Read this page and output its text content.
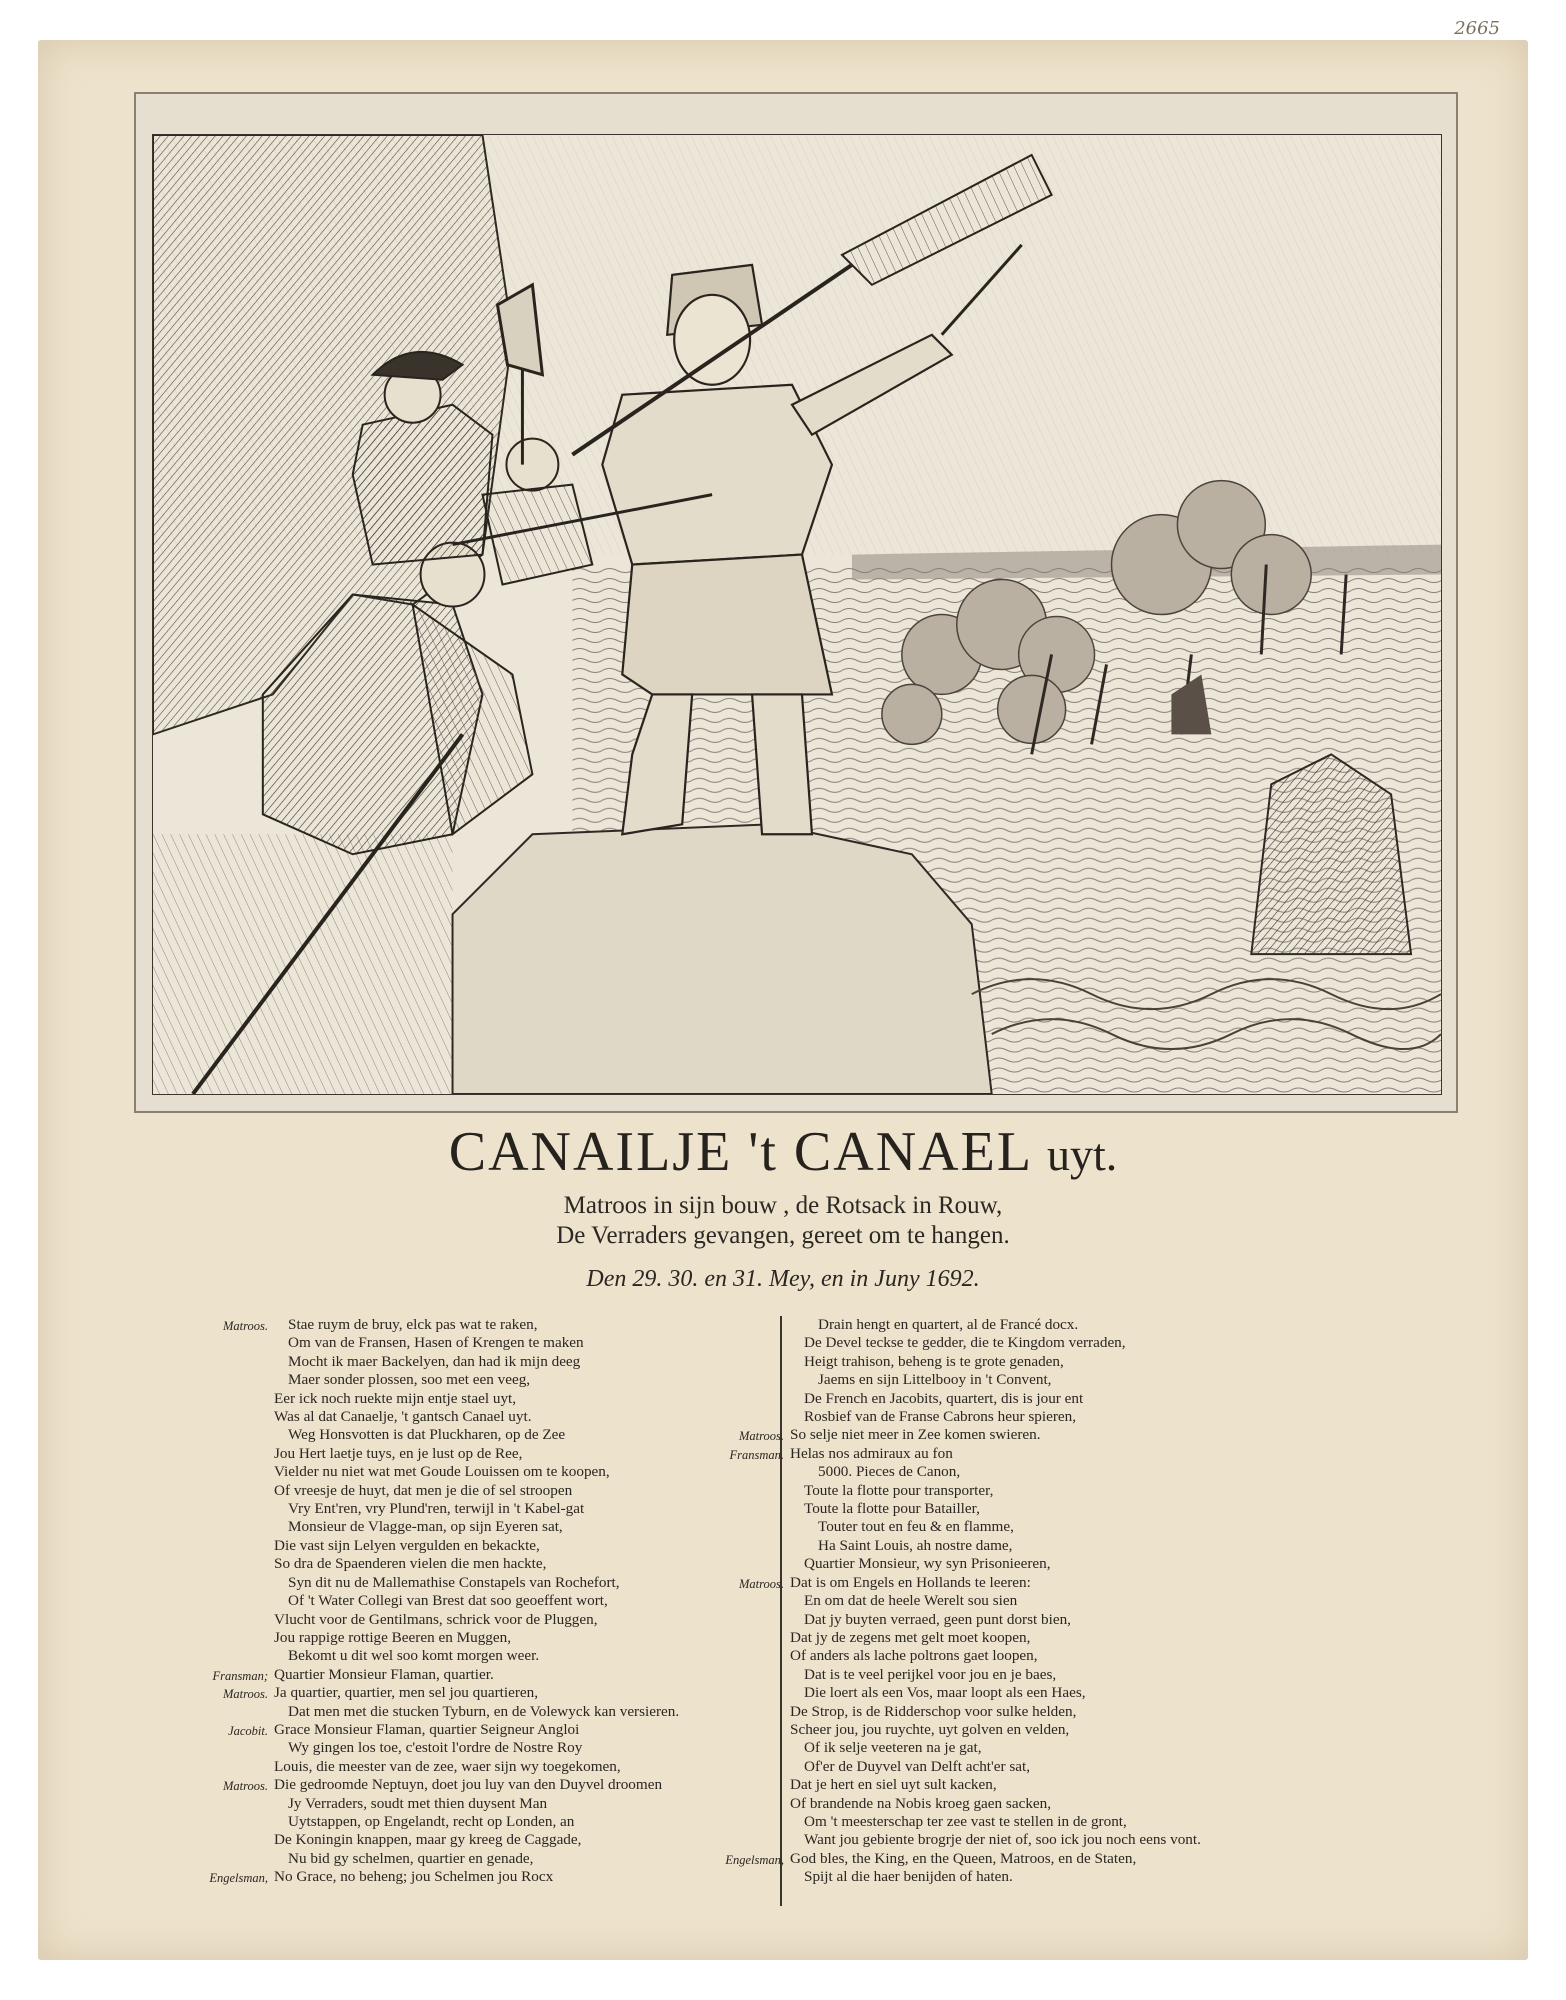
2665
CANAILJE 't CANAEL uyt.
Matroos in sijn bouw , de Rotsack in Rouw,
De Verraders gevangen, gereet om te hangen.
Den 29. 30. en 31. Mey, en in Juny 1692.
Matroos. Stae ruym de bruy, elck pas wat te raken,
Om van de Fransen, Hasen of Krengen te maken
Mocht ik maer Backelyen, dan had ik mijn deeg
Maer sonder plossen, soo met een veeg,
Eer ick noch ruekte mijn entje stael uyt,
Was al dat Canaelje, 't gantsch Canael uyt.
Weg Honsvotten is dat Pluckharen, op de Zee
Jou Hert laetje tuys, en je lust op de Ree,
Vielder nu niet wat met Goude Louissen om te koopen,
Of vreesje de huyt, dat men je die of sel stroopen
Vry Ent'ren, vry Plund'ren, terwijl in 't Kabel-gat
Monsieur de Vlagge-man, op sijn Eyeren sat,
Die vast sijn Lelyen vergulden en bekackte,
So dra de Spaenderen vielen die men hackte,
Syn dit nu de Mallemathise Constapels van Rochefort,
Of 't Water Collegi van Brest dat soo geoeffent wort,
Vlucht voor de Gentilmans, schrick voor de Pluggen,
Jou rappige rottige Beeren en Muggen,
Bekomt u dit wel soo komt morgen weer.
Fransman; Quartier Monsieur Flaman, quartier.
Matroos. Ja quartier, quartier, men sel jou quartieren,
Dat men met die stucken Tyburn, en de Volewyck kan versieren.
Jacobit. Grace Monsieur Flaman, quartier Seigneur Angloi
Wy gingen los toe, c'estoit l'ordre de Nostre Roy
Louis, die meester van de zee, waer sijn wy toegekomen,
Matroos. Die gedroomde Neptuyn, doet jou luy van den Duyvel droomen
Jy Verraders, soudt met thien duysent Man
Uytstappen, op Engelandt, recht op Londen, an
De Koningin knappen, maar gy kreeg de Caggade,
Nu bid gy schelmen, quartier en genade,
Engelsman, No Grace, no beheng; jou Schelmen jou Rocx
Drain hengt en quartert, al de Francé docx.
De Devel teckse te gedder, die te Kingdom verraden,
Heigt trahison, beheng is te grote genaden,
Jaems en sijn Littelbooy in 't Convent,
De French en Jacobits, quartert, dis is jour ent
Rosbief van de Franse Cabrons heur spieren,
Matroos. So selje niet meer in Zee komen swieren.
Fransman. Helas nos admiraux au fon
5000. Pieces de Canon,
Toute la flotte pour transporter,
Toute la flotte pour Batailler,
Touter tout en feu & en flamme,
Ha Saint Louis, ah nostre dame,
Quartier Monsieur, wy syn Prisonieeren,
Matroos. Dat is om Engels en Hollands te leeren:
En om dat de heele Werelt sou sien
Dat jy buyten verraed, geen punt dorst bien,
Dat jy de zegens met gelt moet koopen,
Of anders als lache poltrons gaet loopen,
Dat is te veel perijkel voor jou en je baes,
Die loert als een Vos, maar loopt als een Haes,
De Strop, is de Ridderschop voor sulke helden,
Scheer jou, jou ruychte, uyt golven en velden,
Of ik selje veeteren na je gat,
Of'er de Duyvel van Delft acht'er sat,
Dat je hert en siel uyt sult kacken,
Of brandende na Nobis kroeg gaen sacken,
Om 't meesterschap ter zee vast te stellen in de gront,
Want jou gebiente brogrje der niet of, soo ick jou noch eens vont.
Engelsman, God bles, the King, en the Queen, Matroos, en de Staten,
Spijt al die haer benijden of haten.
